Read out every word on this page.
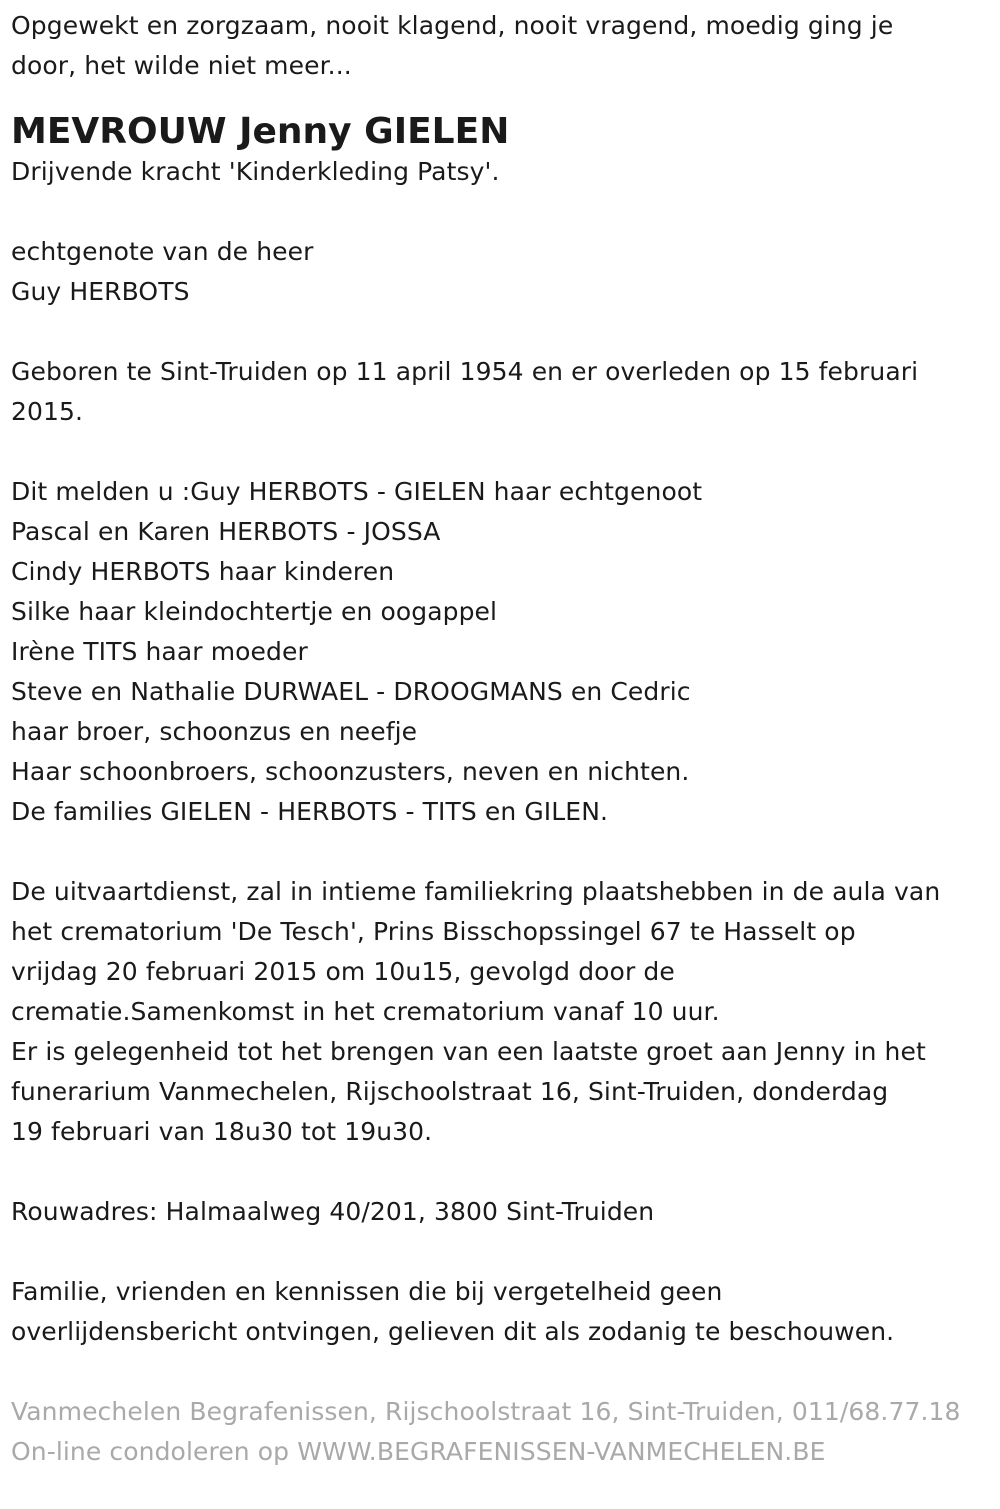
Opgewekt en zorgzaam, nooit klagend, nooit vragend, moedig ging je
door, het wilde niet meer...
MEVROUW Jenny GIELEN
Drijvende kracht 'Kinderkleding Patsy'.
echtgenote van de heer
Guy HERBOTS
Geboren te Sint-Truiden op 11 april 1954 en er overleden op 15 februari
2015.
Dit melden u :Guy HERBOTS - GIELEN haar echtgenoot
Pascal en Karen HERBOTS - JOSSA
Cindy HERBOTS haar kinderen
Silke haar kleindochtertje en oogappel
Irène TITS haar moeder
Steve en Nathalie DURWAEL - DROOGMANS en Cedric
haar broer, schoonzus en neefje
Haar schoonbroers, schoonzusters, neven en nichten.
De families GIELEN - HERBOTS - TITS en GILEN.
De uitvaartdienst, zal in intieme familiekring plaatshebben in de aula van
het crematorium 'De Tesch', Prins Bisschopssingel 67 te Hasselt op
vrijdag 20 februari 2015 om 10u15, gevolgd door de
crematie.Samenkomst in het crematorium vanaf 10 uur.
Er is gelegenheid tot het brengen van een laatste groet aan Jenny in het
funerarium Vanmechelen, Rijschoolstraat 16, Sint-Truiden, donderdag
19 februari van 18u30 tot 19u30.
Rouwadres: Halmaalweg 40/201, 3800 Sint-Truiden
Familie, vrienden en kennissen die bij vergetelheid geen
overlijdensbericht ontvingen, gelieven dit als zodanig te beschouwen.
Vanmechelen Begrafenissen, Rijschoolstraat 16, Sint-Truiden, 011/68.77.18
On-line condoleren op WWW.BEGRAFENISSEN-VANMECHELEN.BE
